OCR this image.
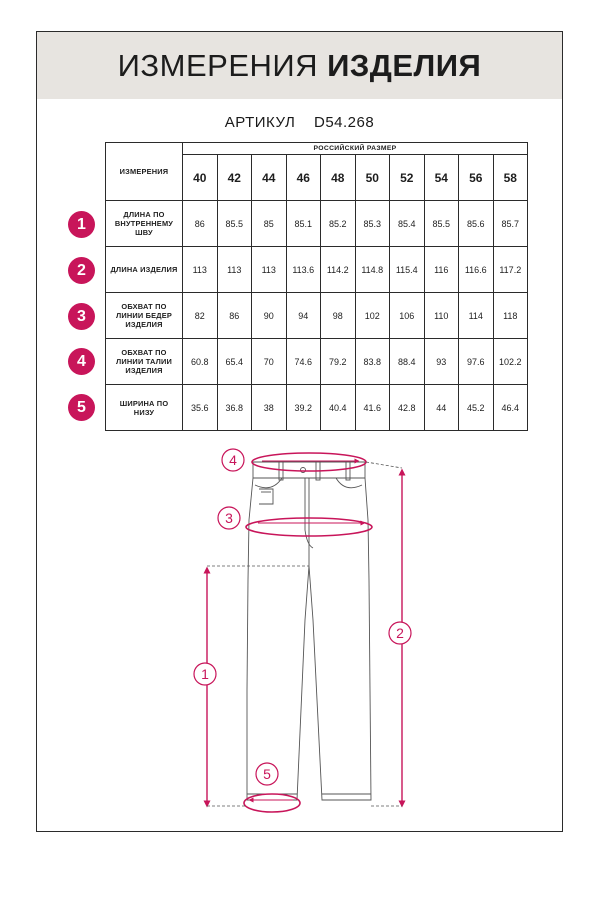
ИЗМЕРЕНИЯ ИЗДЕЛИЯ
АРТИКУЛ D54.268
ИЗМЕРЕНИЯ	РОССИЙСКИЙ РАЗМЕР									
	40	42	44	46	48	50	52	54	56	58
ДЛИНА ПО ВНУТРЕННЕМУ ШВУ	86	85.5	85	85.1	85.2	85.3	85.4	85.5	85.6	85.7
ДЛИНА ИЗДЕЛИЯ	113	113	113	113.6	114.2	114.8	115.4	116	116.6	117.2
ОБХВАТ ПО ЛИНИИ БЕДЕР ИЗДЕЛИЯ	82	86	90	94	98	102	106	110	114	118
ОБХВАТ ПО ЛИНИИ ТАЛИИ ИЗДЕЛИЯ	60.8	65.4	70	74.6	79.2	83.8	88.4	93	97.6	102.2
ШИРИНА ПО НИЗУ	35.6	36.8	38	39.2	40.4	41.6	42.8	44	45.2	46.4
1
2
3
4
5
4
3
2
1
5
